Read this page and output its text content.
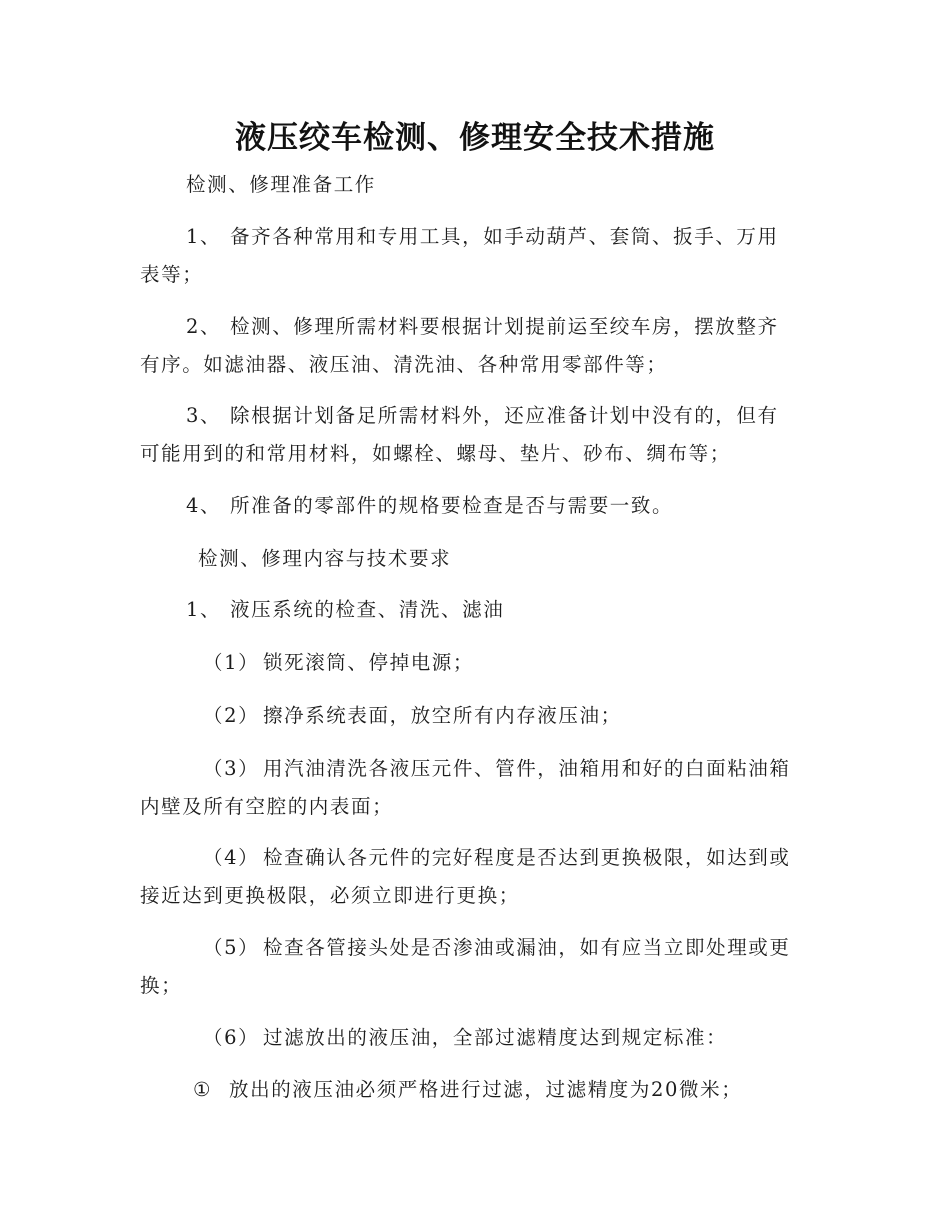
液压绞车检测、修理安全技术措施
检测、修理准备工作
1、 备齐各种常用和专用工具，如手动葫芦、套筒、扳手、万用
表等；
2、 检测、修理所需材料要根据计划提前运至绞车房，摆放整齐
有序。如滤油器、液压油、清洗油、各种常用零部件等；
3、 除根据计划备足所需材料外，还应准备计划中没有的，但有
可能用到的和常用材料，如螺栓、螺母、垫片、砂布、绸布等；
4、 所准备的零部件的规格要检查是否与需要一致。
检测、修理内容与技术要求
1、 液压系统的检查、清洗、滤油
（1） 锁死滚筒、停掉电源；
（2） 擦净系统表面，放空所有内存液压油；
（3） 用汽油清洗各液压元件、管件，油箱用和好的白面粘油箱
内壁及所有空腔的内表面；
（4） 检查确认各元件的完好程度是否达到更换极限，如达到或
接近达到更换极限，必须立即进行更换；
（5） 检查各管接头处是否渗油或漏油，如有应当立即处理或更
换；
（6） 过滤放出的液压油，全部过滤精度达到规定标准：
① 放出的液压油必须严格进行过滤，过滤精度为20微米；
